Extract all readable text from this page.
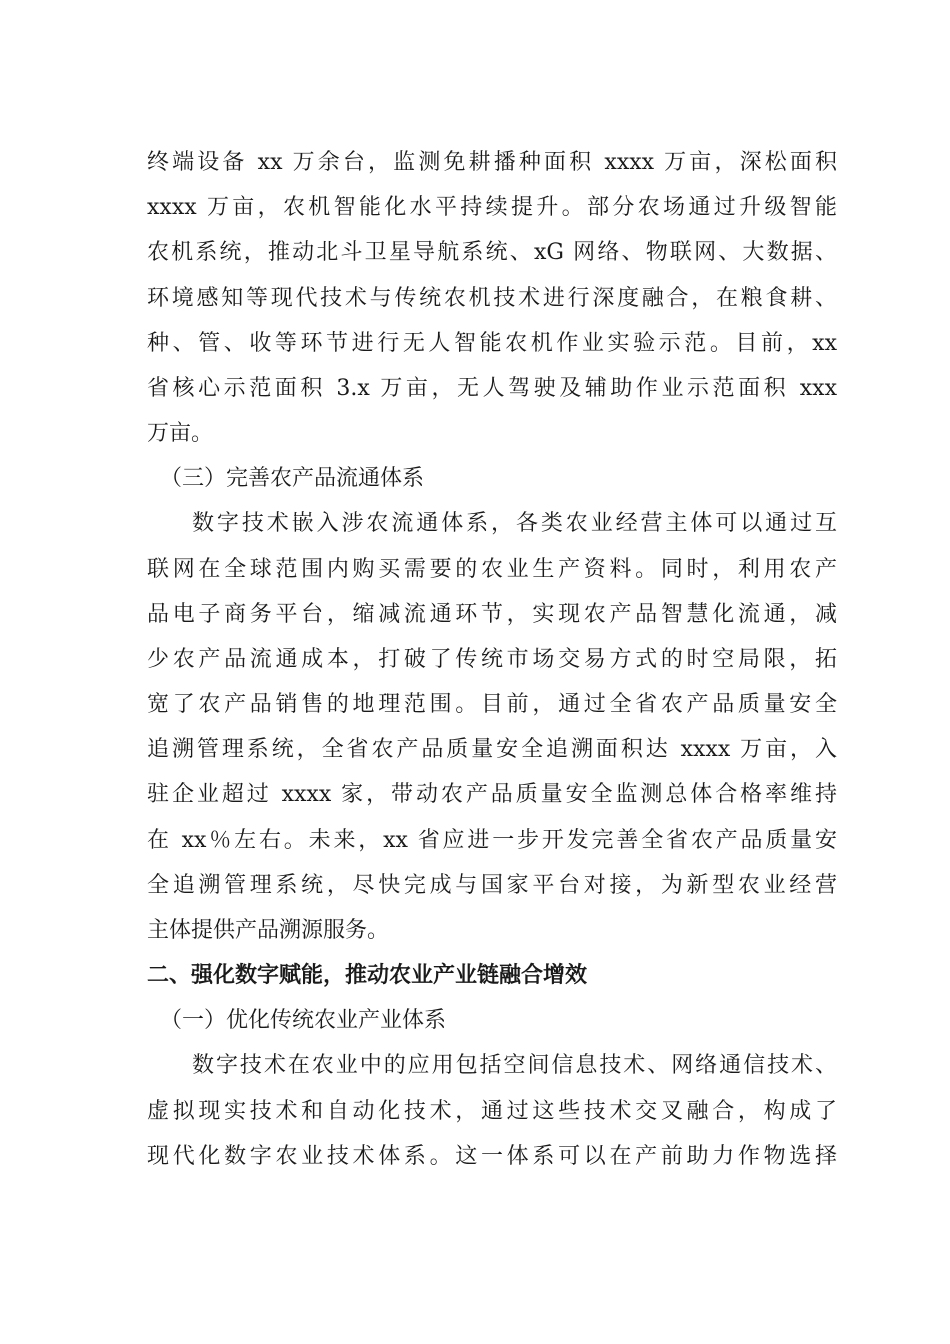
终端设备 xx 万余台，监测免耕播种面积 xxxx 万亩，深松面积
xxxx 万亩，农机智能化水平持续提升。部分农场通过升级智能
农机系统，推动北斗卫星导航系统、xG 网络、物联网、大数据、
环境感知等现代技术与传统农机技术进行深度融合，在粮食耕、
种、管、收等环节进行无人智能农机作业实验示范。目前，xx
省核心示范面积 3.x 万亩，无人驾驶及辅助作业示范面积 xxx
万亩。
（三）完善农产品流通体系
数字技术嵌入涉农流通体系，各类农业经营主体可以通过互
联网在全球范围内购买需要的农业生产资料。同时，利用农产
品电子商务平台，缩减流通环节，实现农产品智慧化流通，减
少农产品流通成本，打破了传统市场交易方式的时空局限，拓
宽了农产品销售的地理范围。目前，通过全省农产品质量安全
追溯管理系统，全省农产品质量安全追溯面积达 xxxx 万亩，入
驻企业超过 xxxx 家，带动农产品质量安全监测总体合格率维持
在 xx％左右。未来，xx 省应进一步开发完善全省农产品质量安
全追溯管理系统，尽快完成与国家平台对接，为新型农业经营
主体提供产品溯源服务。
二、强化数字赋能，推动农业产业链融合增效
（一）优化传统农业产业体系
数字技术在农业中的应用包括空间信息技术、网络通信技术、
虚拟现实技术和自动化技术，通过这些技术交叉融合，构成了
现代化数字农业技术体系。这一体系可以在产前助力作物选择
